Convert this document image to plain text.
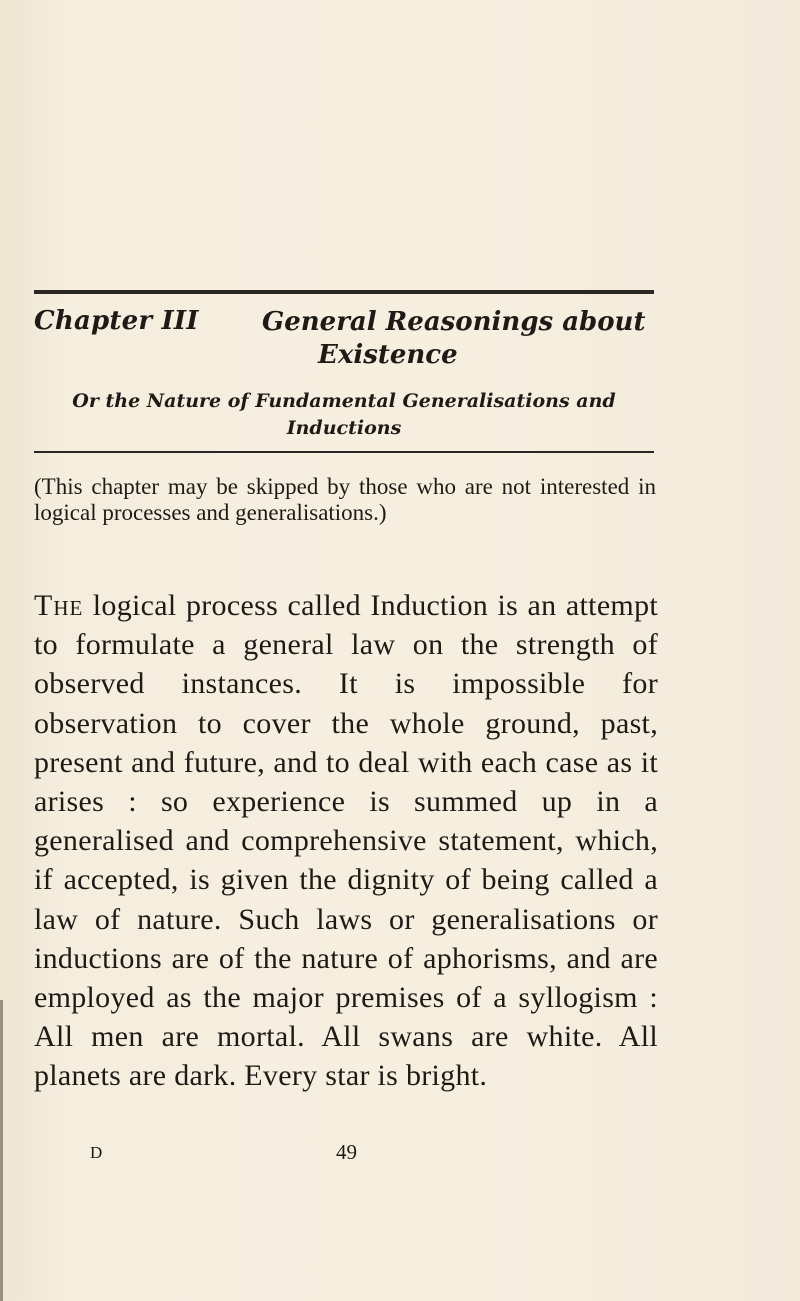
Chapter III General Reasonings about
Existence
Or the Nature of Fundamental Generalisations and Inductions
(This chapter may be skipped by those who are not interested in logical processes and generalisations.)
The logical process called Induction is an attempt to formulate a general law on the strength of observed instances. It is impossible for observation to cover the whole ground, past, present and future, and to deal with each case as it arises : so experience is summed up in a generalised and comprehensive statement, which, if accepted, is given the dignity of being called a law of nature. Such laws or generalisations or inductions are of the nature of aphorisms, and are employed as the major premises of a syllogism : All men are mortal. All swans are white. All planets are dark. Every star is bright.
D	49
